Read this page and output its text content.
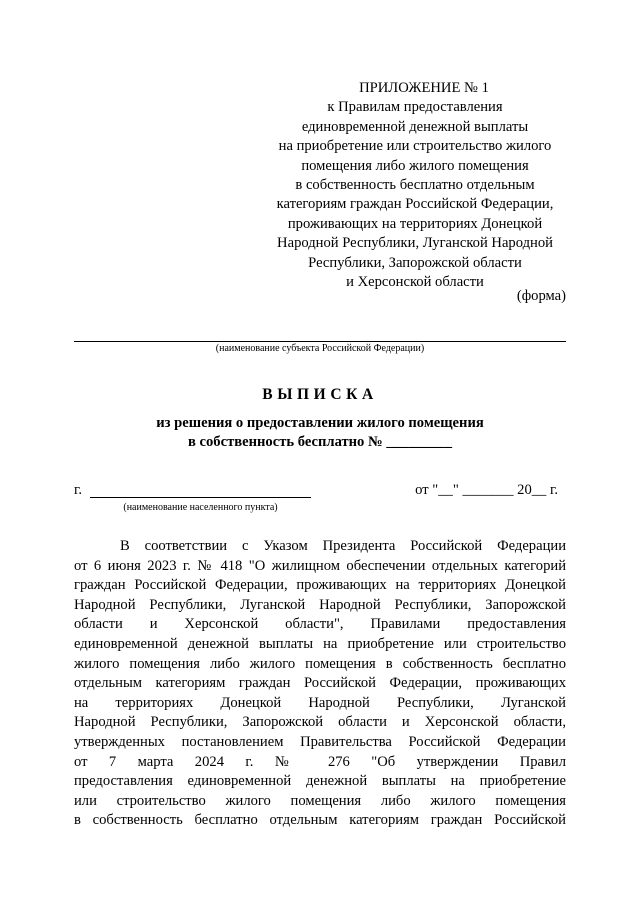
ПРИЛОЖЕНИЕ № 1
к Правилам предоставления
единовременной денежной выплаты
на приобретение или строительство жилого
помещения либо жилого помещения
в собственность бесплатно отдельным
категориям граждан Российской Федерации,
проживающих на территориях Донецкой
Народной Республики, Луганской Народной
Республики, Запорожской области
и Херсонской области
(форма)
(наименование субъекта Российской Федерации)
ВЫПИСКА
из решения о предоставлении жилого помещения
в собственность бесплатно № _________
г.
(наименование населенного пункта)
от "__" _______ 20__ г.
В соответствии с Указом Президента Российской Федерации
от 6 июня 2023 г. № 418 "О жилищном обеспечении отдельных категорий
граждан Российской Федерации, проживающих на территориях Донецкой
Народной Республики, Луганской Народной Республики, Запорожской
области и Херсонской области", Правилами предоставления
единовременной денежной выплаты на приобретение или строительство
жилого помещения либо жилого помещения в собственность бесплатно
отдельным категориям граждан Российской Федерации, проживающих
на территориях Донецкой Народной Республики, Луганской
Народной Республики, Запорожской области и Херсонской области,
утвержденных постановлением Правительства Российской Федерации
от 7 марта 2024 г. № 276 "Об утверждении Правил
предоставления единовременной денежной выплаты на приобретение
или строительство жилого помещения либо жилого помещения
в собственность бесплатно отдельным категориям граждан Российской
